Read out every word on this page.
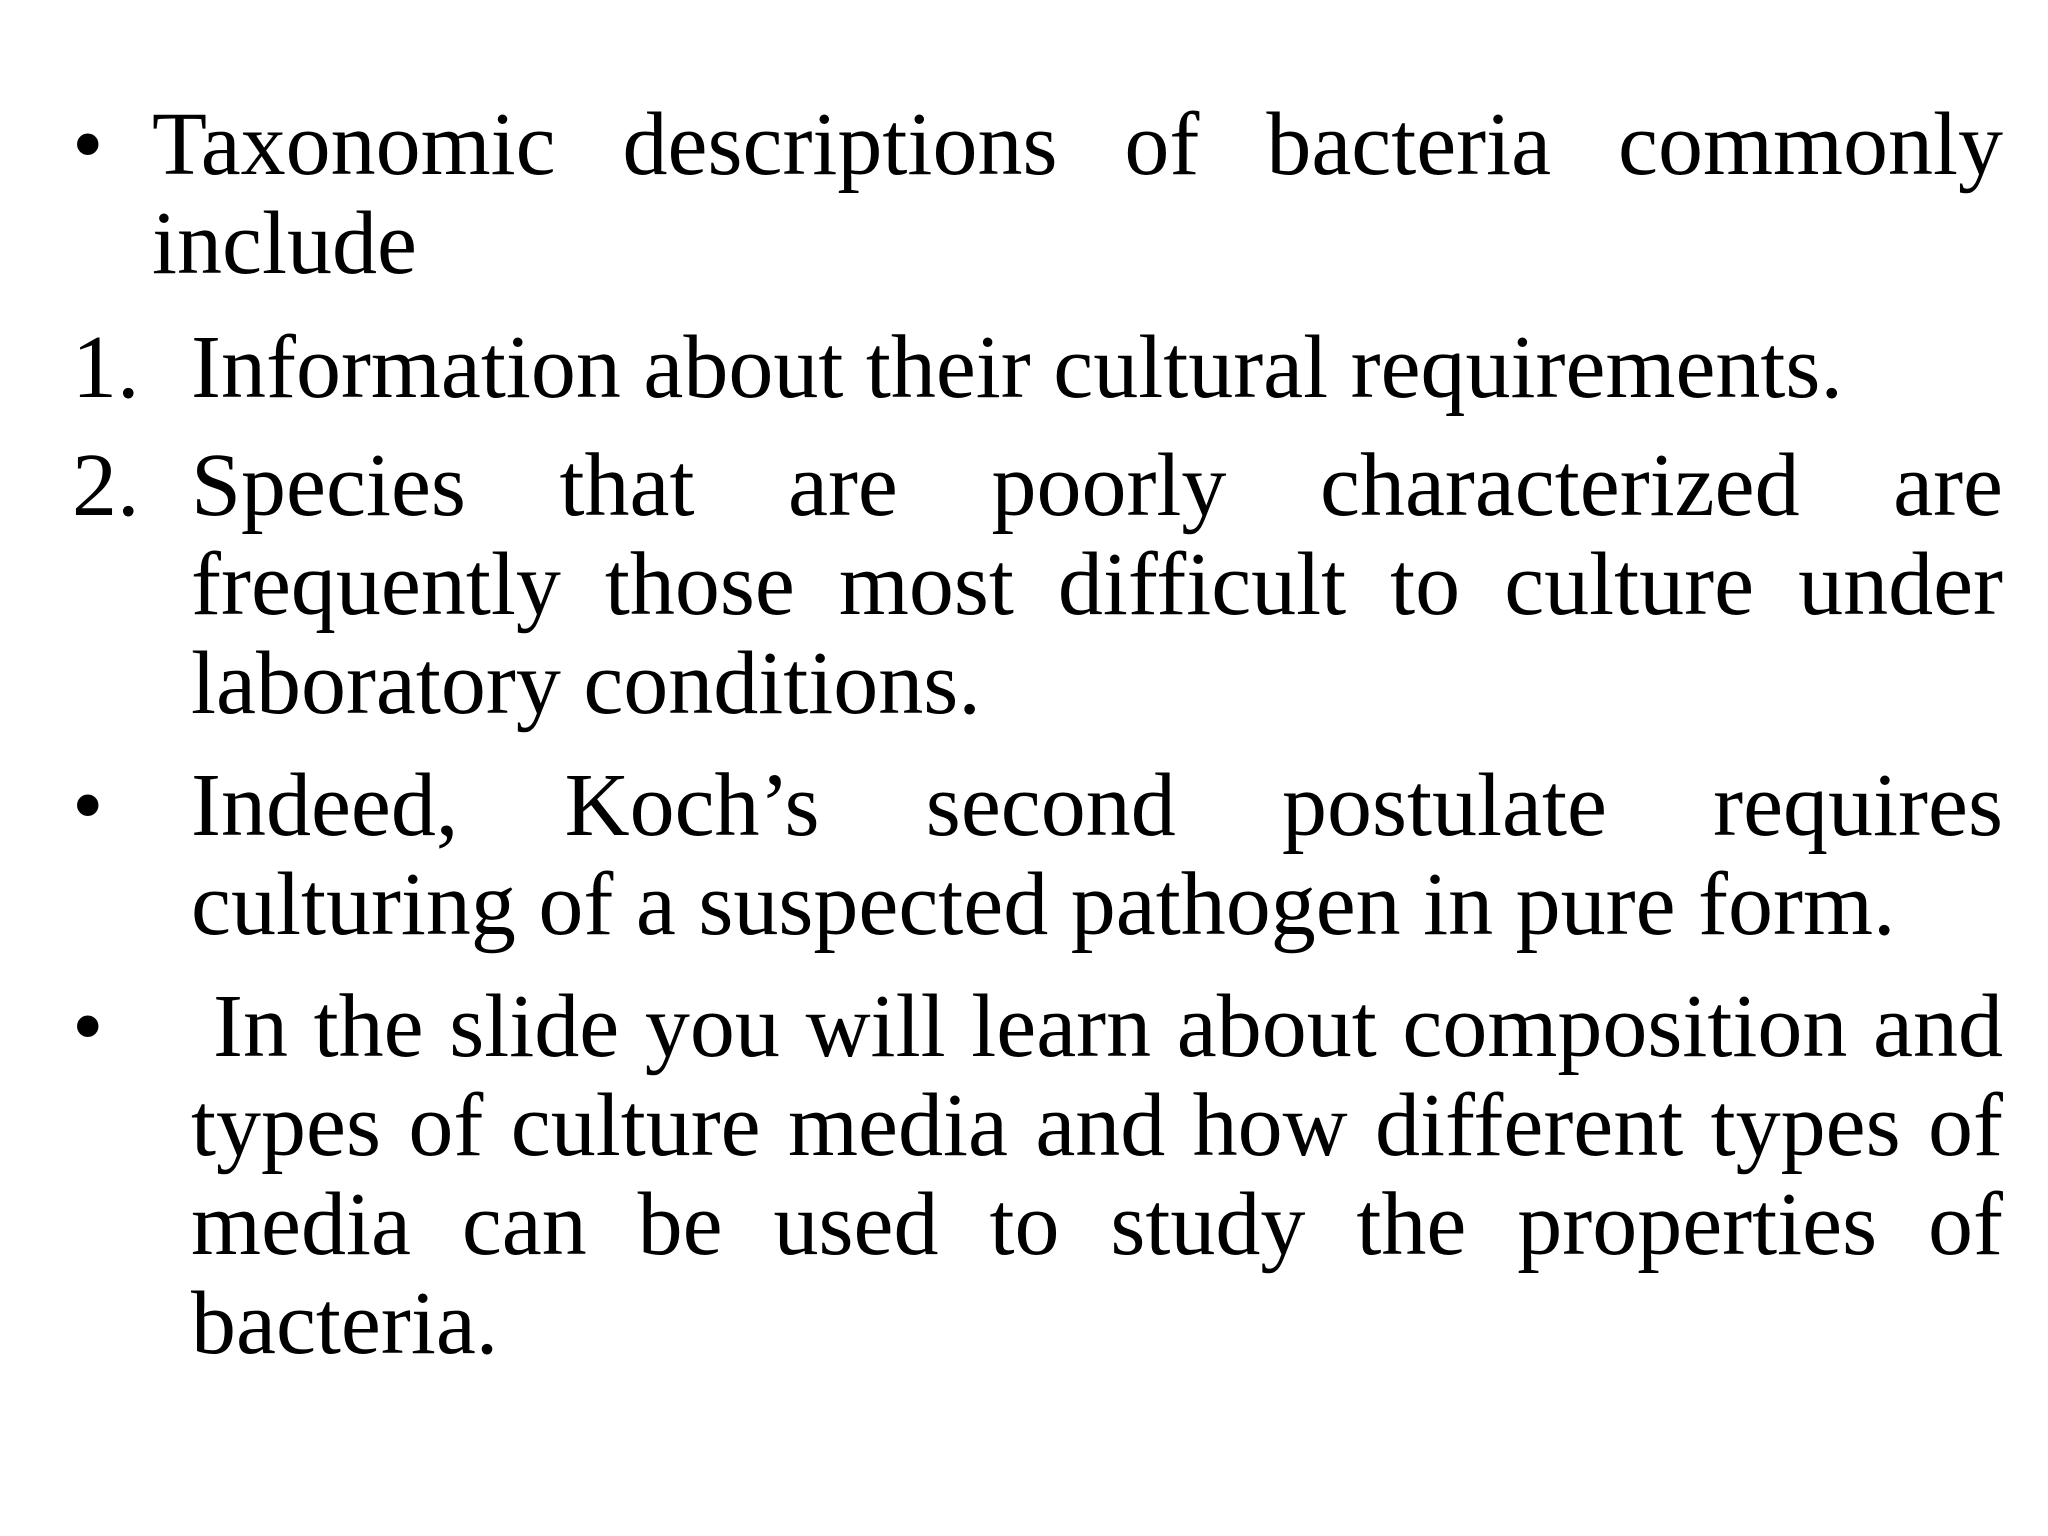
• Taxonomic descriptions of bacteria commonly include
1. Information about their cultural requirements.
2. Species that are poorly characterized are frequently those most difficult to culture under laboratory conditions.
• Indeed, Koch’s second postulate requires culturing of a suspected pathogen in pure form.
• In the slide you will learn about composition and types of culture media and how different types of media can be used to study the properties of bacteria.
